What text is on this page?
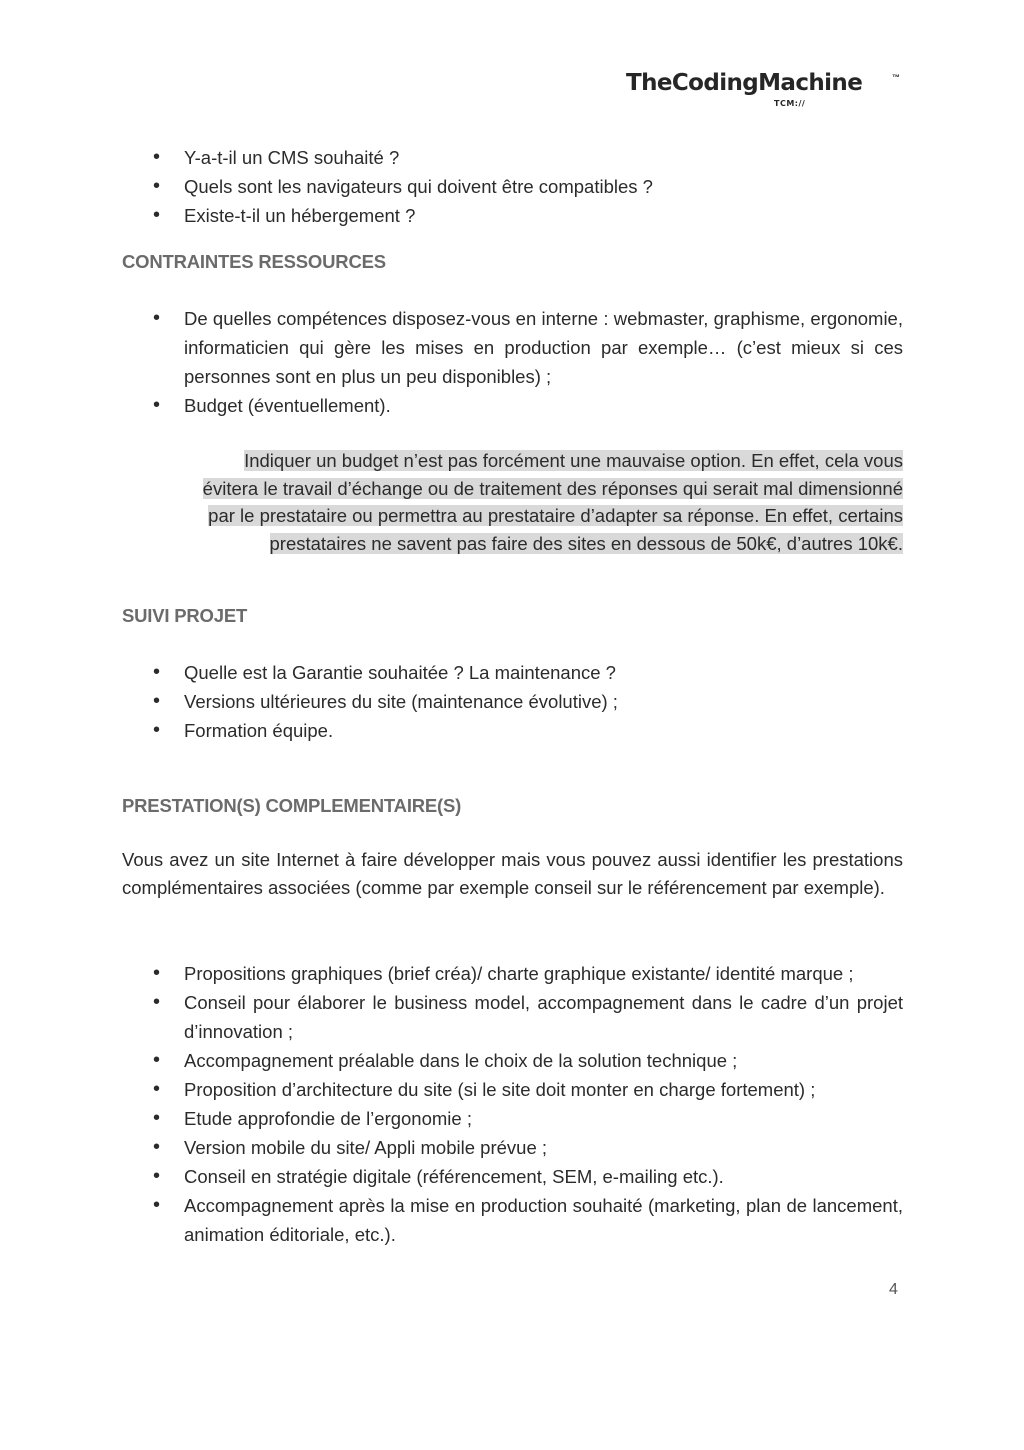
TheCodingMachine	™
TCM://
• Y-a-t-il un CMS souhaité ?
• Quels sont les navigateurs qui doivent être compatibles ?
• Existe-t-il un hébergement ?
CONTRAINTES RESSOURCES
• De quelles compétences disposez-vous en interne : webmaster, graphisme, ergonomie, informaticien qui gère les mises en production par exemple… (c’est mieux si ces personnes sont en plus un peu disponibles) ;
• Budget (éventuellement).
Indiquer un budget n’est pas forcément une mauvaise option. En effet, cela vous
évitera le travail d’échange ou de traitement des réponses qui serait mal dimensionné
par le prestataire ou permettra au prestataire d’adapter sa réponse. En effet, certains
prestataires ne savent pas faire des sites en dessous de 50k€, d’autres 10k€.
SUIVI PROJET
• Quelle est la Garantie souhaitée ? La maintenance ?
• Versions ultérieures du site (maintenance évolutive) ;
• Formation équipe.
PRESTATION(S) COMPLEMENTAIRE(S)

Vous avez un site Internet à faire développer mais vous pouvez aussi identifier les prestations complémentaires associées (comme par exemple conseil sur le référencement par exemple).

• Propositions graphiques (brief créa)/ charte graphique existante/ identité marque ;
• Conseil pour élaborer le business model, accompagnement dans le cadre d’un projet d’innovation ;
• Accompagnement préalable dans le choix de la solution technique ;
• Proposition d’architecture du site (si le site doit monter en charge fortement) ;
• Etude approfondie de l’ergonomie ;
• Version mobile du site/ Appli mobile prévue ;
• Conseil en stratégie digitale (référencement, SEM, e-mailing etc.).
• Accompagnement après la mise en production souhaité (marketing, plan de lancement, animation éditoriale, etc.).
4
